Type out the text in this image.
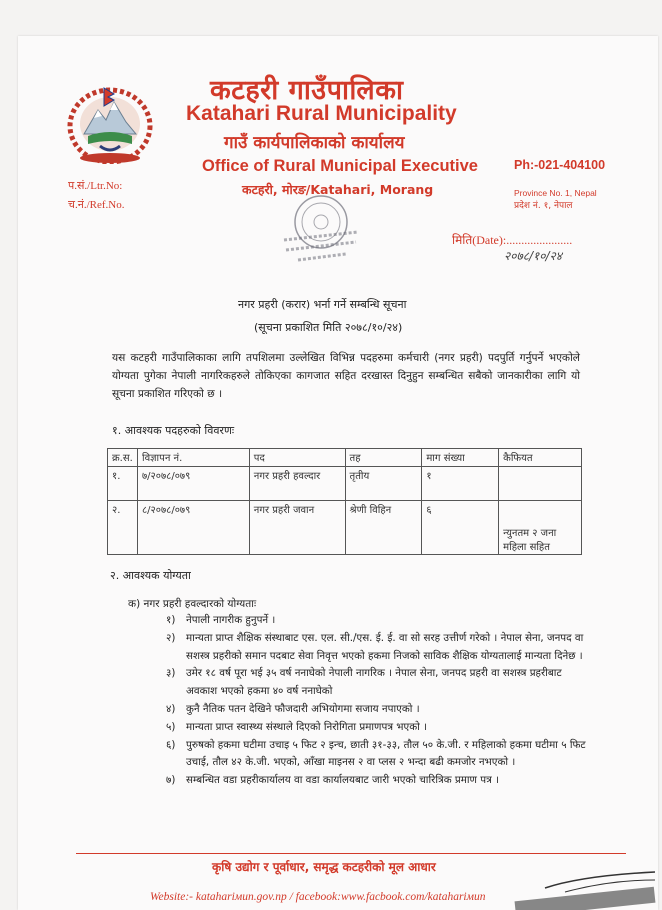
कटहरी गाउँपालिका
Katahari Rural Municipality
गाउँ कार्यपालिकाको कार्यालय
Office of Rural Municipal Executive
कटहरी, मोरङ/Katahari, Morang
Ph:-021-404100
Province No. 1, Nepal
प्रदेश नं. १, नेपाल
प.सं./Ltr.No:
च.नं./Ref.No.
मिति(Date):......................
२०७८/१०/२४
नगर प्रहरी (करार) भर्ना गर्ने सम्बन्धि सूचना
(सूचना प्रकाशित मिति २०७८/१०/२४)
यस कटहरी गाउँपालिकाका लागि तपशिलमा उल्लेखित विभिन्न पदहरुमा कर्मचारी (नगर प्रहरी) पदपुर्ति गर्नुपर्ने भएकोले योग्यता पुगेका नेपाली नागरिकहरुले तोकिएका कागजात सहित दरखास्त दिनुहुन सम्बन्धित सबैको जानकारीका लागि यो सूचना प्रकाशित गरिएको छ ।
१. आवश्यक पदहरुको विवरणः
क्र.स.	विज्ञापन नं.	पद	तह	माग संख्या	कैफियत
१.	७/२०७८/०७९	नगर प्रहरी हवल्दार	तृतीय	१	
२.	८/२०७८/०७९	नगर प्रहरी जवान	श्रेणी विहिन	६	न्युनतम २ जना महिला सहित
२. आवश्यक योग्यता
क) नगर प्रहरी हवल्दारको योग्यताः
१)	नेपाली नागरीक हुनुपर्ने ।
२)	मान्यता प्राप्त शैक्षिक संस्थाबाट एस. एल. सी./एस. ई. ई. वा सो सरह उत्तीर्ण गरेको । नेपाल सेना, जनपद वा सशस्त्र प्रहरीको समान पदबाट सेवा निवृत्त भएको हकमा निजको साविक शैक्षिक योग्यतालाई मान्यता दिनेछ ।
३)	उमेर १८ वर्ष पूरा भई ३५ वर्ष ननाघेको नेपाली नागरिक । नेपाल सेना, जनपद प्रहरी वा सशस्त्र प्रहरीबाट अवकाश भएको हकमा ४० वर्ष ननाघेको
४)	कुनै नैतिक पतन देखिने फौजदारी अभियोगमा सजाय नपाएको ।
५)	मान्यता प्राप्त स्वास्थ्य संस्थाले दिएको निरोगिता प्रमाणपत्र भएको ।
६)	पुरुषको हकमा घटीमा उचाइ ५ फिट २ इन्च, छाती ३१-३३, तौल ५० के.जी. र महिलाको हकमा घटीमा ५ फिट उचाई, तौल ४२ के.जी. भएको, आँखा माइनस २ वा प्लस २ भन्दा बढी कमजोर नभएको ।
७)	सम्बन्धित वडा प्रहरीकार्यालय वा वडा कार्यालयबाट जारी भएको चारित्रिक प्रमाण पत्र ।
कृषि उद्योग र पूर्वाधार, समृद्ध कटहरीको मूल आधार
Website:- katahariмun.gov.np / facebook:www.facbook.com/katahariмun
